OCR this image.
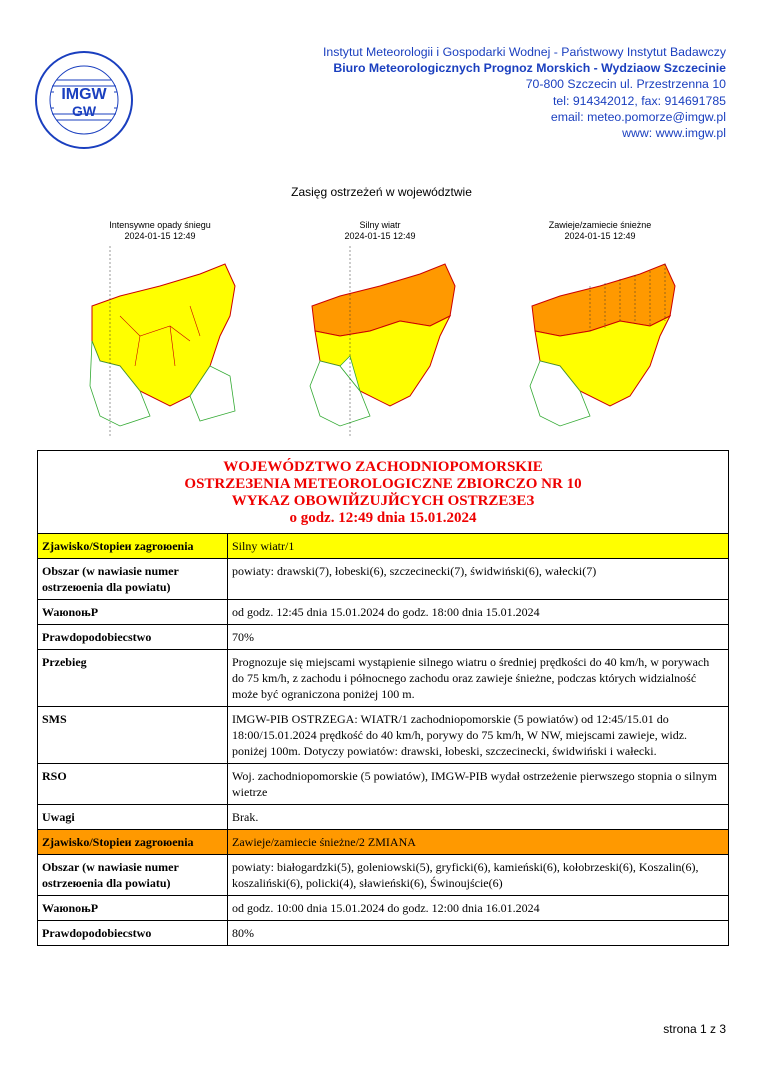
IMGW
GW
Instytut Meteorologii i Gospodarki Wodnej - Państwowy Instytut Badawczy
Biuro Meteorologicznych Prognoz Morskich - Wydziaow Szczecinie
70-800 Szczecin ul. Przestrzenna 10
tel: 914342012, fax: 914691785
email: meteo.pomorze@imgw.pl
www: www.imgw.pl
Zasięg ostrzeżeń w województwie
Intensywne opady śniegu
2024-01-15 12:49
Silny wiatr
2024-01-15 12:49
Zawieje/zamiecie śnieżne
2024-01-15 12:49
WOJEWÓDZTWO ZACHODNIOPOMORSKIE
OSTRZEЗENIA METEOROLOGICZNE ZBIORCZO NR 10
WYKAZ OBOWIЙZUJЙCYCH OSTRZEЗEЗ
o godz. 12:49 dnia 15.01.2024
Zjawisko/Stopieи zagroюenia	Silny wiatr/1
Obszar (w nawiasie numer ostrzeюenia dla powiatu)	powiaty: drawski(7), łobeski(6), szczecinecki(7), świdwiński(6), wałecki(7)
WaюnoњР	od godz. 12:45 dnia 15.01.2024 do godz. 18:00 dnia 15.01.2024
Prawdopodobieсstwo	70%
Przebieg	Prognozuje się miejscami wystąpienie silnego wiatru o średniej prędkości do 40 km/h, w porywach do 75 km/h, z zachodu i północnego zachodu oraz zawieje śnieżne, podczas których widzialność może być ograniczona poniżej 100 m.
SMS	IMGW-PIB OSTRZEGA: WIATR/1 zachodniopomorskie (5 powiatów) od 12:45/15.01 do 18:00/15.01.2024 prędkość do 40 km/h, porywy do 75 km/h, W NW, miejscami zawieje, widz. poniżej 100m. Dotyczy powiatów: drawski, łobeski, szczecinecki, świdwiński i wałecki.
RSO	Woj. zachodniopomorskie (5 powiatów), IMGW-PIB wydał ostrzeżenie pierwszego stopnia o silnym wietrze
Uwagi	Brak.
Zjawisko/Stopieи zagroюenia	Zawieje/zamiecie śnieżne/2 ZMIANA
Obszar (w nawiasie numer ostrzeюenia dla powiatu)	powiaty: białogardzki(5), goleniowski(5), gryficki(6), kamieński(6), kołobrzeski(6), Koszalin(6), koszaliński(6), policki(4), sławieński(6), Świnoujście(6)
WaюnoњР	od godz. 10:00 dnia 15.01.2024 do godz. 12:00 dnia 16.01.2024
Prawdopodobieсstwo	80%
strona 1 z 3
